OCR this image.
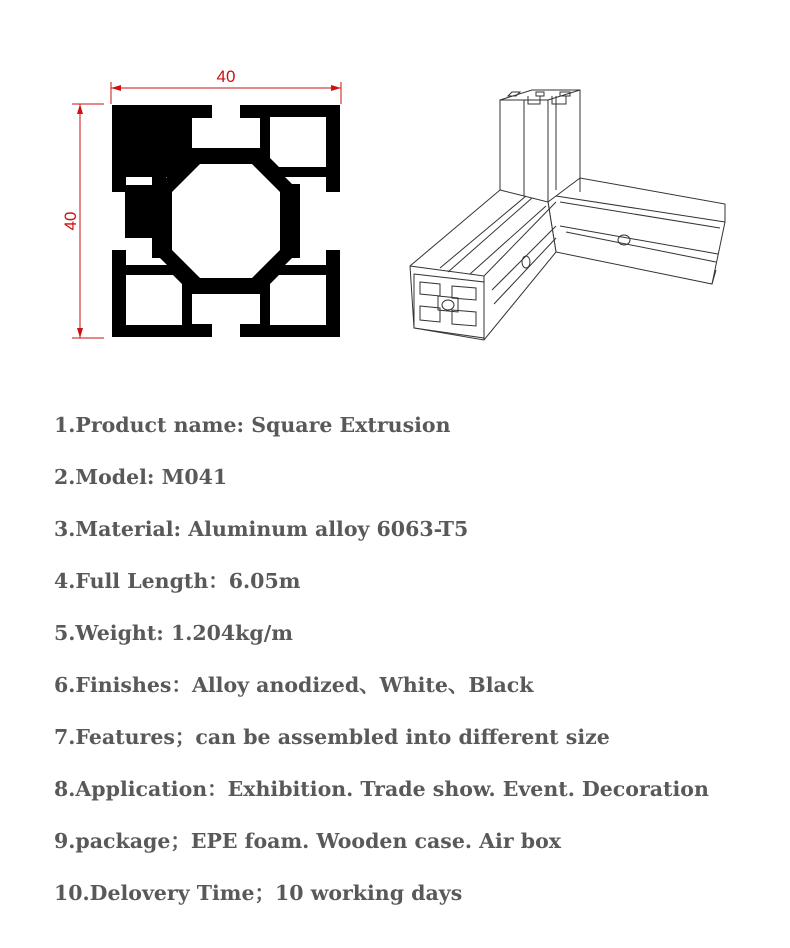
40
40
1.Product name: Square Extrusion
2.Model: M041
3.Material: Aluminum alloy 6063-T5
4.Full Length：6.05m
5.Weight: 1.204kg/m
6.Finishes：Alloy anodized、White、Black
7.Features；can be assembled into different size
8.Application：Exhibition. Trade show. Event. Decoration
9.package；EPE foam. Wooden case. Air box
10.Delovery Time；10 working days
